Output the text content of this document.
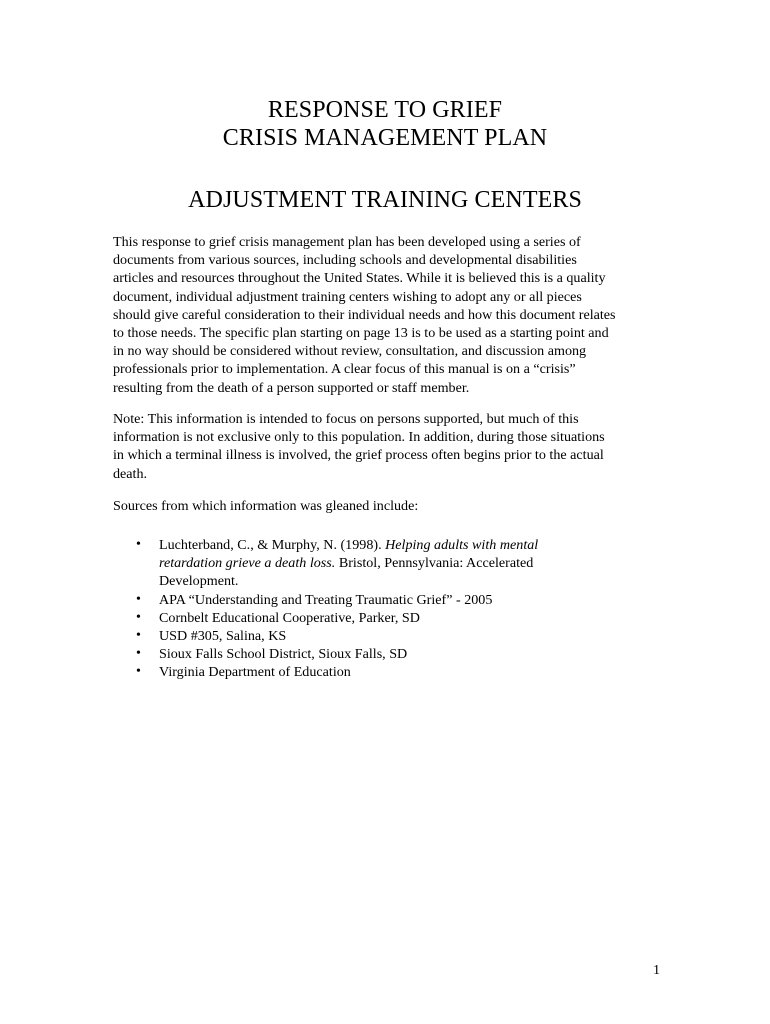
RESPONSE TO GRIEF
CRISIS MANAGEMENT PLAN
ADJUSTMENT TRAINING CENTERS
This response to grief crisis management plan has been developed using a series of
documents from various sources, including schools and developmental disabilities
articles and resources throughout the United States. While it is believed this is a quality
document, individual adjustment training centers wishing to adopt any or all pieces
should give careful consideration to their individual needs and how this document relates
to those needs. The specific plan starting on page 13 is to be used as a starting point and
in no way should be considered without review, consultation, and discussion among
professionals prior to implementation. A clear focus of this manual is on a “crisis”
resulting from the death of a person supported or staff member.
Note: This information is intended to focus on persons supported, but much of this
information is not exclusive only to this population. In addition, during those situations
in which a terminal illness is involved, the grief process often begins prior to the actual
death.
Sources from which information was gleaned include:
• Luchterband, C., & Murphy, N. (1998). Helping adults with mental
retardation grieve a death loss. Bristol, Pennsylvania: Accelerated
Development.
• APA “Understanding and Treating Traumatic Grief” - 2005
• Cornbelt Educational Cooperative, Parker, SD
• USD #305, Salina, KS
• Sioux Falls School District, Sioux Falls, SD
• Virginia Department of Education
1
